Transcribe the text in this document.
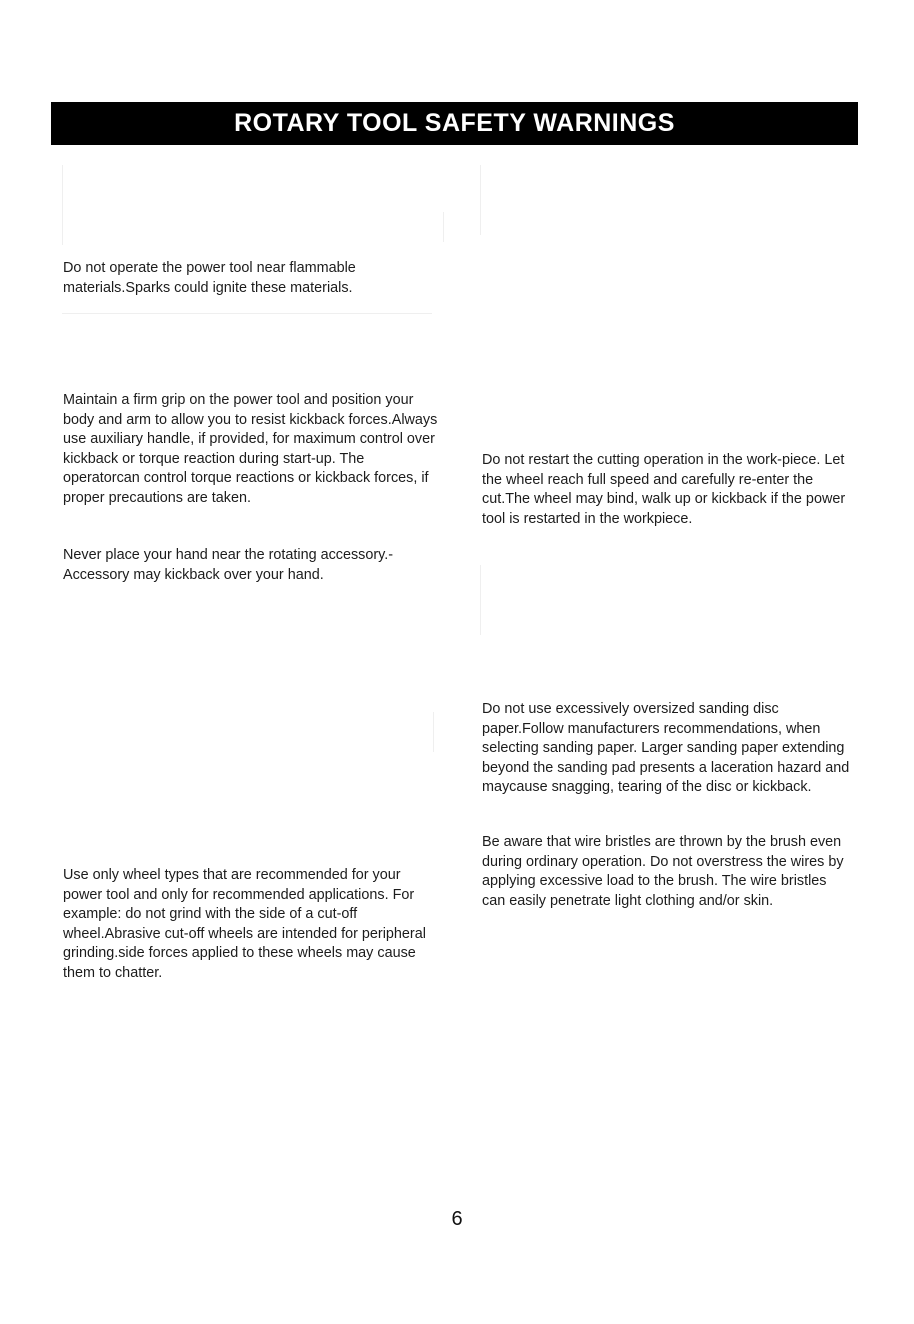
ROTARY TOOL SAFETY WARNINGS

Do not operate the power tool near flammable materials.Sparks could ignite these materials.

Maintain a firm grip on the power tool and position your body and arm to allow you to resist kickback forces.Always use auxiliary handle, if provided, for maximum control over kickback or torque reaction during start-up. The operatorcan control torque reactions or kickback forces, if proper precautions are taken.

Never place your hand near the rotating accessory.-Accessory may kickback over your hand.

Use only wheel types that are recommended for your power tool and only for recommended applications. For example: do not grind with the side of a cut-off wheel.Abrasive cut-off wheels are intended for peripheral grinding.side forces applied to these wheels may cause them to chatter.

Do not restart the cutting operation in the work-piece. Let the wheel reach full speed and carefully re-enter the cut.The wheel may bind, walk up or kickback if the power tool is restarted in the workpiece.

Do not use excessively oversized sanding disc paper.Follow manufacturers recommendations, when selecting sanding paper. Larger sanding paper extending beyond the sanding pad presents a laceration hazard and maycause snagging, tearing of the disc or kickback.

Be aware that wire bristles are thrown by the brush even during ordinary operation. Do not overstress the wires by applying excessive load to the brush. The wire bristles can easily penetrate light clothing and/or skin.

6
